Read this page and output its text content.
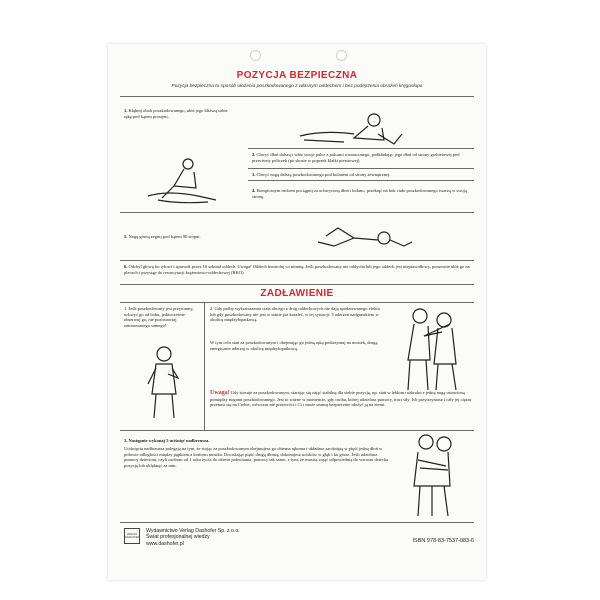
POZYCJA BEZPIECZNA
Pozycja bezpieczna to sposób ułożenia poszkodowanego z własnym oddechem i bez podejrzenia obrażeń kręgosłupa
1. Klęknij obok poszkodowanego, ułóż jego bliższą sobie rękę pod kątem prostym.
2. Chwyć dłoń dalszą i włóż swoje palce z palcami rozrzuconego, podkładając jego dłoń od strony grzbietowej pod przeciwny policzek (po skosie w poprzek klatki piersiowej).
3. Chwyć nogę dalszą poszkodowanego pod kolanem od strony zewnętrznej.
4. Energicznym ruchem pociągnij za uchwyconą dłoń i kolano, przekręć na bok ciało poszkodowanego twarzą w swoją stronę.
5. Nogę górną zegnij pod kątem 90 stopni.
6. Odchyl głowę ku tyłowi i sprawdź przez 10 sekund oddech. Uwaga! Oddech kontroluj co minutę. Jeśli poszkodowany nie oddycha lub jego oddech jest nieprawidłowy, ponownie ułóż go na plecach i przystąp do resuscytacji krążeniowo-oddechowej (RKO).
ZADŁAWIENIE
1. Jeśli poszkodowany jest przytomny, uchwyć go od boku, jednocześnie obserwuj go, nie pozostawiaj zatonowanego samego!
2. Gdy próby wykrztuszenia ciała obcego z dróg oddechowych nie dają spodziewanego efektu lub gdy poszkodowany nie jest w stanie już kaszleć, w tej sytuacji: 5 uderzeń nadgarstkiem w okolicę międzyłopatkową.
W tym celu stań za poszkodowanym i obejmując go jedną ręką podtrzymuj na mostek, drugą energicznie uderzaj w okolicę międzyłopatkową.
Uwaga! Gdy stosuje za poszkodowanym, starając się zająć stabilną dla siebie pozycję, np. stań w lekkim rozkroku z jedną nogą ustawioną pomiędzy nogami poszkodowanego. Jest to ważne w momencie, gdy osoba, której udzielasz pomocy, traci siły. Ich przytrzymasz i cały jej ciężar przenosi się na Ciebie, wówczas nie przewróci i Ci i może szansę bezpiecznie ułożyć ją na ziemi.
3. Następnie wykonaj 5 uciśnięć nadbrzusza.
Uciśnięcia nadbrzusza polegają na tym, że stojąc za poszkodowanym obejmujesz go obiema rękoma i układasz zaciśniętą w pięść jedną dłoń w połowie odległości między pępkiem a końcem mostka. Dociskając pięść drugą dłonią, dokonujesz ucisków w głąb i ku górze. Jeśli udzielasz pomocy dzieciom, czyli osobom od 1 roku życia do okresu pokwitania, pomocy tak samo, z tym, że musisz zająć odpowiednią do wzrostu dziecka pozycję lub uklęknąć za nim.
VERLAG DASHOFER
Wydawnictwo Verlag Dashofer Sp. z o.o.
Świat profesjonalnej wiedzy
www.dashofer.pl	ISBN 978-83-7537-083-6
